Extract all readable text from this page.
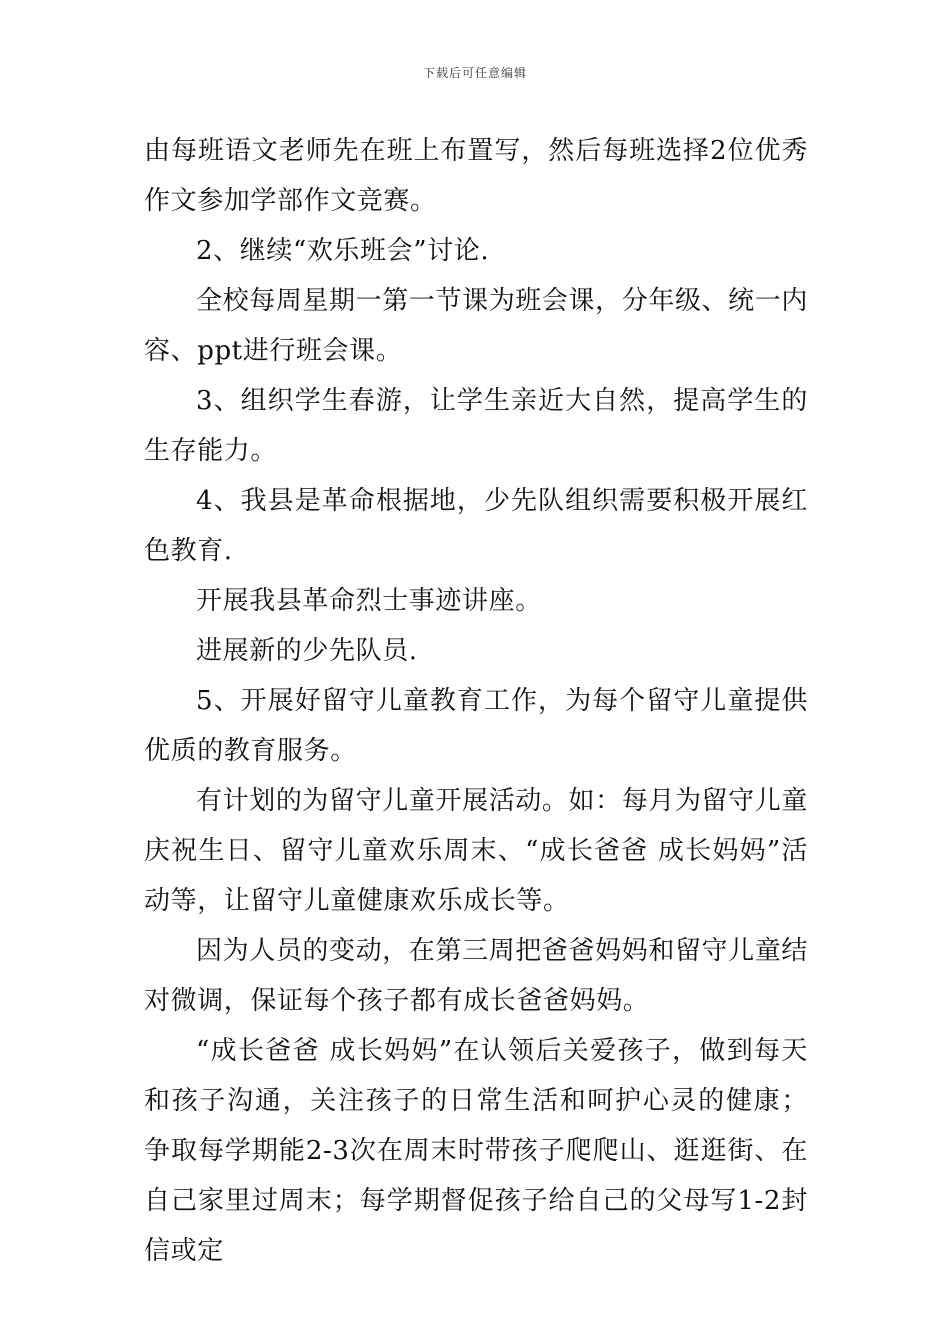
下载后可任意编辑

由每班语文老师先在班上布置写，然后每班选择2位优秀作文参加学部作文竞赛。

2、继续“欢乐班会”讨论.

全校每周星期一第一节课为班会课，分年级、统一内容、ppt进行班会课。

3、组织学生春游，让学生亲近大自然，提高学生的生存能力。

4、我县是革命根据地，少先队组织需要积极开展红色教育.

开展我县革命烈士事迹讲座。

进展新的少先队员.

5、开展好留守儿童教育工作，为每个留守儿童提供优质的教育服务。

有计划的为留守儿童开展活动。如：每月为留守儿童庆祝生日、留守儿童欢乐周末、“成长爸爸 成长妈妈”活动等，让留守儿童健康欢乐成长等。

因为人员的变动，在第三周把爸爸妈妈和留守儿童结对微调，保证每个孩子都有成长爸爸妈妈。

“成长爸爸 成长妈妈”在认领后关爱孩子，做到每天和孩子沟通，关注孩子的日常生活和呵护心灵的健康；争取每学期能2-3次在周末时带孩子爬爬山、逛逛街、在自己家里过周末；每学期督促孩子给自己的父母写1-2封信或定
